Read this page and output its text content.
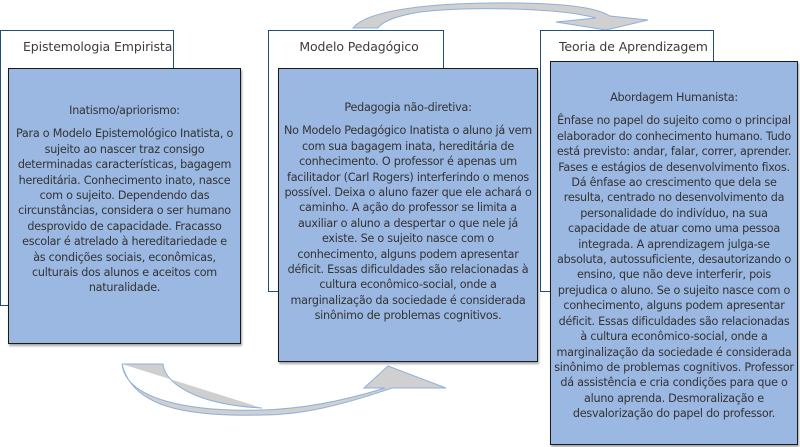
Epistemologia Empirista

Inatismo/apriorismo:

Para o Modelo Epistemológico Inatista, o sujeito ao nascer traz consigo determinadas características, bagagem hereditária. Conhecimento inato, nasce com o sujeito. Dependendo das circunstâncias, considera o ser humano desprovido de capacidade. Fracasso escolar é atrelado à hereditariedade e às condições sociais, econômicas, culturais dos alunos e aceitos com naturalidade.

Modelo Pedagógico

Pedagogia não-diretiva:

No Modelo Pedagógico Inatista o aluno já vem com sua bagagem inata, hereditária de conhecimento. O professor é apenas um facilitador (Carl Rogers) interferindo o menos possível. Deixa o aluno fazer que ele achará o caminho. A ação do professor se limita a auxiliar o aluno a despertar o que nele já existe. Se o sujeito nasce com o conhecimento, alguns podem apresentar déficit. Essas dificuldades são relacionadas à cultura econômico-social, onde a marginalização da sociedade é considerada sinônimo de problemas cognitivos.

Teoria de Aprendizagem

Abordagem Humanista:

Ênfase no papel do sujeito como o principal elaborador do conhecimento humano. Tudo está previsto: andar, falar, correr, aprender. Fases e estágios de desenvolvimento fixos. Dá ênfase ao crescimento que dela se resulta, centrado no desenvolvimento da personalidade do indivíduo, na sua capacidade de atuar como uma pessoa integrada. A aprendizagem julga-se absoluta, autossuficiente, desautorizando o ensino, que não deve interferir, pois prejudica o aluno. Se o sujeito nasce com o conhecimento, alguns podem apresentar déficit. Essas dificuldades são relacionadas à cultura econômico-social, onde a marginalização da sociedade é considerada sinônimo de problemas cognitivos. Professor dá assistência e cria condições para que o aluno aprenda. Desmoralização e desvalorização do papel do professor.
